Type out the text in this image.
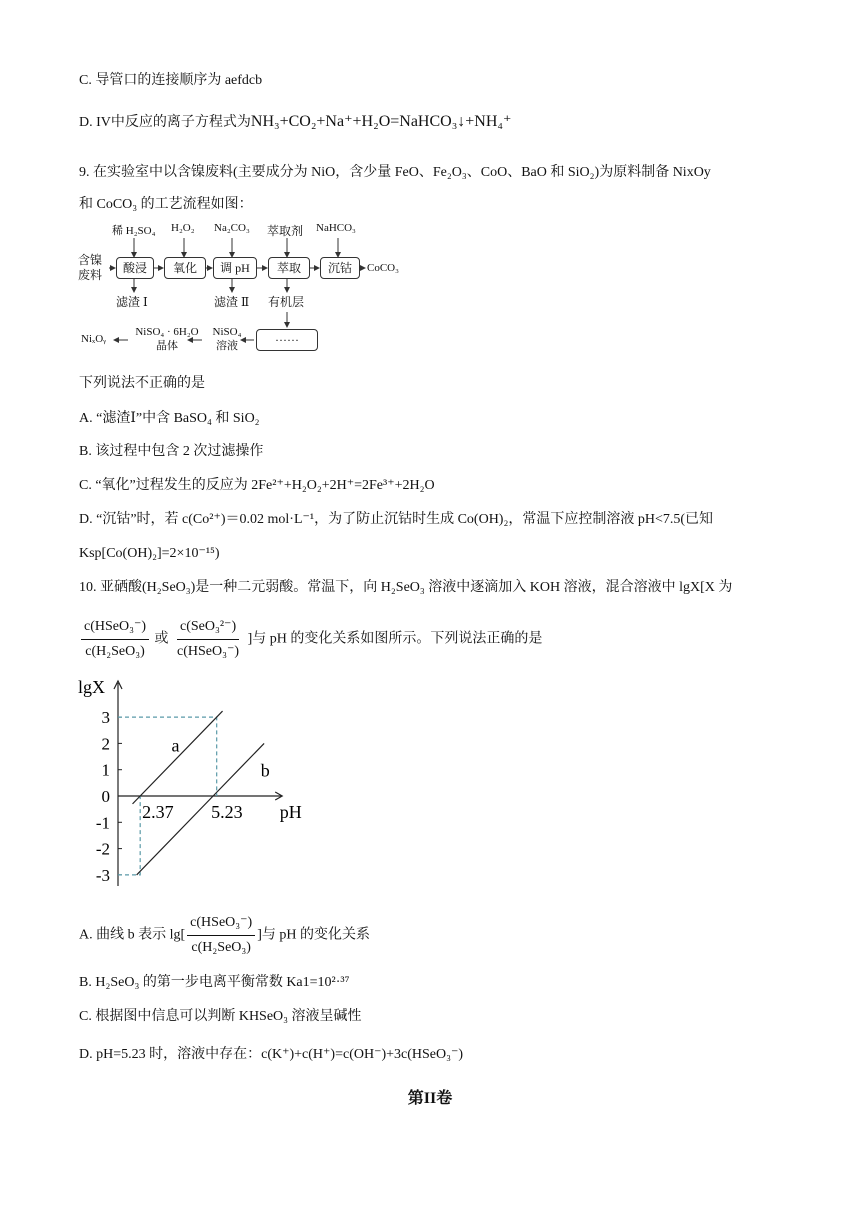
C. 导管口的连接顺序为 aefdcb
D. IV中反应的离子方程式为NH₃+CO₂+Na⁺+H₂O=NaHCO₃↓+NH₄⁺
9. 在实验室中以含镍废料(主要成分为 NiO，含少量 FeO、Fe₂O₃、CoO、BaO 和 SiO₂)为原料制备 NixOy
和 CoCO₃ 的工艺流程如图：
稀 H₂SO₄ H₂O₂ Na₂CO₃ 萃取剂 NaHCO₃
含镍废料	酸浸	氧化	调 pH	萃取	沉钴	CoCO₃
滤渣 Ⅰ	滤渣 Ⅱ 有机层
······
NiSO₄ 溶液
NiSO₄ · 6H₂O 晶体
NiₓOᵧ
下列说法不正确的是
A. “滤渣Ⅰ”中含 BaSO₄ 和 SiO₂
B. 该过程中包含 2 次过滤操作
C. “氧化”过程发生的反应为 2Fe²⁺+H₂O₂+2H⁺=2Fe³⁺+2H₂O
D. “沉钴”时，若 c(Co²⁺)＝0.02 mol·L⁻¹，为了防止沉钴时生成 Co(OH)₂，常温下应控制溶液 pH<7.5(已知
Ksp[Co(OH)₂]=2×10⁻¹⁵)
10. 亚硒酸(H₂SeO₃)是一种二元弱酸。常温下，向 H₂SeO₃ 溶液中逐滴加入 KOH 溶液，混合溶液中 lgX[X 为
$\frac{\text{c(HSeO₃⁻)}}{\text{c(H₂SeO₃)}}$ 或 $\frac{\text{c(SeO₃²⁻)}}{\text{c(HSeO₃⁻)}}$ ]与 pH 的变化关系如图所示。下列说法正确的是
lgX
pH
3
2
1
0
-1
-2
-3
a
b
2.37 5.23
A. 曲线 b 表示 $\lg[ \frac{\text{c(HSeO₃⁻)}}{\text{c(H₂SeO₃)}}$ ]与 pH 的变化关系
B. H₂SeO₃ 的第一步电离平衡常数 Ka1=10²·³⁷
C. 根据图中信息可以判断 KHSeO₃ 溶液呈碱性
D. pH=5.23 时，溶液中存在：c(K⁺)+c(H⁺)=c(OH⁻)+3c(HSeO₃⁻)
第II卷
